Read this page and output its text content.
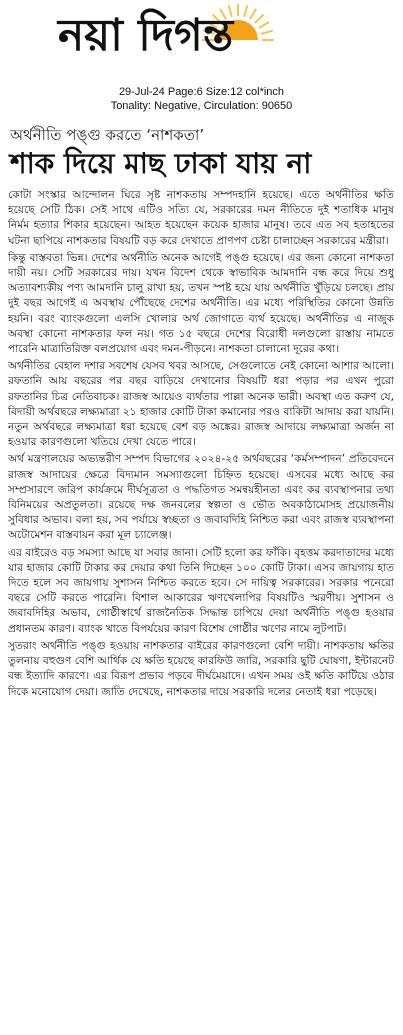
নয়া দিগন্ত
29-Jul-24 Page:6 Size:12 col*inch
Tonality: Negative, Circulation: 90650
অর্থনীতি পঙ্গু করতে ‘নাশকতা’
শাক দিয়ে মাছ ঢাকা যায় না

কোটা সংস্কার আন্দোলন ঘিরে সৃষ্ট নাশকতায় সম্পদহানি হয়েছে। এতে অর্থনীতির ক্ষতি হয়েছে সেটি ঠিক। সেই সাথে এটিও সত্যি যে, সরকারের দমন নীতিতে দুই শতাধিক মানুষ নির্মম হত্যার শিকার হয়েছেন। আহত হয়েছেন কয়েক হাজার মানুষ। তবে এত সব হতাহতের ঘটনা ছাপিয়ে নাশকতার বিষয়টি বড় করে দেখাতে প্রাণপণ চেষ্টা চালাচ্ছেন সরকারের মন্ত্রীরা।

কিন্তু বাস্তবতা ভিন্ন। দেশের অর্থনীতি অনেক আগেই পঙ্গু হয়েছে। এর জন্য কোনো নাশকতা দায়ী নয়। সেটি সরকারের দায়। যখন বিদেশ থেকে স্বাভাবিক আমদানি বন্ধ করে দিয়ে শুধু অত্যাবশ্যকীয় পণ্য আমদানি চালু রাখা হয়, তখন স্পষ্ট হয়ে যায় অর্থনীতি খুঁড়িয়ে চলছে। প্রায় দুই বছর আগেই এ অবস্থায় পৌঁছেছে দেশের অর্থনীতি। এর মধ্যে পরিস্থিতির কোনো উন্নতি হয়নি। বরং ব্যাংকগুলো এলসি খোলার অর্থ জোগাতে ব্যর্থ হয়েছে। অর্থনীতির এ নাজুক অবস্থা কোনো নাশকতার ফল নয়। গত ১৫ বছরে দেশের বিরোধী দলগুলো রাস্তায় নামতে পারেনি মাত্রাতিরিক্ত বলপ্রয়োগ এবং দমন-পীড়নে। নাশকতা চালানো দূরের কথা।

অর্থনীতির বেহাল দশার সবশেষ যেসব খবর আসছে, সেগুলোতে নেই কোনো আশার আলো। রফতানি আয় বছরের পর বছর বাড়িয়ে দেখানোর বিষয়টি ধরা পড়ার পর এখন পুরো রফতানির চিত্র নেতিবাচক। রাজস্ব আয়েও ব্যর্থতার পাল্লা অনেক ভারী। অবস্থা এত করুণ যে, বিদায়ী অর্থবছরে লক্ষ্যমাত্রা ২১ হাজার কোটি টাকা কমানোর পরও বাকিটা আদায় করা যায়নি। নতুন অর্থবছরে লক্ষ্যমাত্রা ধরা হয়েছে বেশ বড় অঙ্কের। রাজস্ব আদায়ে লক্ষ্যমাত্রা অর্জন না হওয়ার কারণগুলো খতিয়ে দেখা যেতে পারে।

অর্থ মন্ত্রণালয়ের অভ্যন্তরীণ সম্পদ বিভাগের ২০২৪-২৫ অর্থবছরের ‘কর্মসম্পাদন’ প্রতিবেদনে রাজস্ব আদায়ের ক্ষেত্রে বিদ্যমান সমস্যাগুলো চিহ্নিত হয়েছে। এসবের মধ্যে আছে কর সম্প্রসারণে জরিপ কার্যক্রমে দীর্ঘসূত্রতা ও পদ্ধতিগত সমন্বয়হীনতা এবং কর ব্যবস্থাপনার তথ্য বিনিময়ের অপ্রতুলতা। রয়েছে দক্ষ জনবলের স্বল্পতা ও ভৌত অবকাঠামোসহ প্রয়োজনীয় সুবিধার অভাব। বলা হয়, সব পর্যায়ে স্বচ্ছতা ও জবাবদিহি নিশ্চিত করা এবং রাজস্ব ব্যবস্থাপনা অটোমেশন বাস্তবায়ন করা মূল চ্যালেঞ্জ।

এর বাইরেও বড় সমস্যা আছে যা সবার জানা। সেটি হলো কর ফাঁকি। বৃহত্তম করদাতাদের মধ্যে যার হাজার কোটি টাকার কর দেয়ার কথা তিনি দিচ্ছেন ১০০ কোটি টাকা। এসব জায়গায় হাত দিতে হলে সব জায়গায় সুশাসন নিশ্চিত করতে হবে। সে দায়িত্ব সরকারের। সরকার পনেরো বছরে সেটি করতে পারেনি। বিশাল আকারের ঋণখেলাপির বিষয়টিও স্মরণীয়। সুশাসন ও জবাবদিহির অভাব, গোষ্ঠীস্বার্থে রাজনৈতিক সিদ্ধান্ত চাপিয়ে দেয়া অর্থনীতি পঙ্গু হওয়ার প্রধানতম কারণ। ব্যাংক খাতে বিপর্যয়ের কারণ বিশেষ গোষ্ঠীর ঋণের নামে লুটপাট।

সুতরাং অর্থনীতি পঙ্গু হওয়ায় নাশকতার বাইরের কারণগুলো বেশি দায়ী। নাশকতায় ক্ষতির তুলনায় বহুগুণ বেশি আর্থিক যে ক্ষতি হয়েছে কারফিউ জারি, সরকারি ছুটি ঘোষণা, ইন্টারনেট বন্ধ ইত্যাদি কারণে। এর বিরূপ প্রভাব পড়বে দীর্ঘমেয়াদে। এখন সময় ওই ক্ষতি কাটিয়ে ওঠার দিকে মনোযোগ দেয়া। জাতি দেখেছে, নাশকতার দায়ে সরকারি দলের নেতাই ধরা পড়েছে।
